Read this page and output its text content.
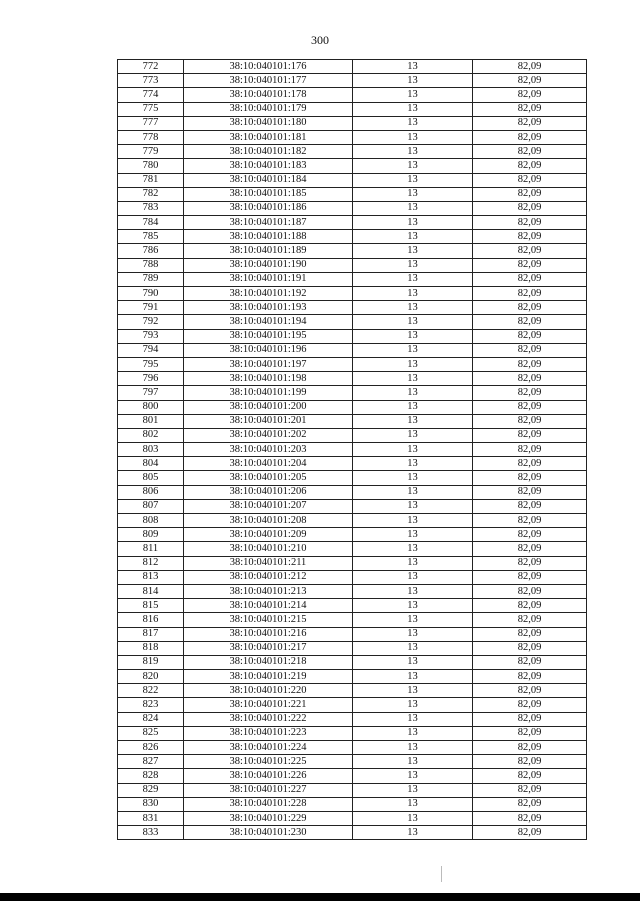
300
772	38:10:040101:176	13	82,09
773	38:10:040101:177	13	82,09
774	38:10:040101:178	13	82,09
775	38:10:040101:179	13	82,09
777	38:10:040101:180	13	82,09
778	38:10:040101:181	13	82,09
779	38:10:040101:182	13	82,09
780	38:10:040101:183	13	82,09
781	38:10:040101:184	13	82,09
782	38:10:040101:185	13	82,09
783	38:10:040101:186	13	82,09
784	38:10:040101:187	13	82,09
785	38:10:040101:188	13	82,09
786	38:10:040101:189	13	82,09
788	38:10:040101:190	13	82,09
789	38:10:040101:191	13	82,09
790	38:10:040101:192	13	82,09
791	38:10:040101:193	13	82,09
792	38:10:040101:194	13	82,09
793	38:10:040101:195	13	82,09
794	38:10:040101:196	13	82,09
795	38:10:040101:197	13	82,09
796	38:10:040101:198	13	82,09
797	38:10:040101:199	13	82,09
800	38:10:040101:200	13	82,09
801	38:10:040101:201	13	82,09
802	38:10:040101:202	13	82,09
803	38:10:040101:203	13	82,09
804	38:10:040101:204	13	82,09
805	38:10:040101:205	13	82,09
806	38:10:040101:206	13	82,09
807	38:10:040101:207	13	82,09
808	38:10:040101:208	13	82,09
809	38:10:040101:209	13	82,09
811	38:10:040101:210	13	82,09
812	38:10:040101:211	13	82,09
813	38:10:040101:212	13	82,09
814	38:10:040101:213	13	82,09
815	38:10:040101:214	13	82,09
816	38:10:040101:215	13	82,09
817	38:10:040101:216	13	82,09
818	38:10:040101:217	13	82,09
819	38:10:040101:218	13	82,09
820	38:10:040101:219	13	82,09
822	38:10:040101:220	13	82,09
823	38:10:040101:221	13	82,09
824	38:10:040101:222	13	82,09
825	38:10:040101:223	13	82,09
826	38:10:040101:224	13	82,09
827	38:10:040101:225	13	82,09
828	38:10:040101:226	13	82,09
829	38:10:040101:227	13	82,09
830	38:10:040101:228	13	82,09
831	38:10:040101:229	13	82,09
833	38:10:040101:230	13	82,09
